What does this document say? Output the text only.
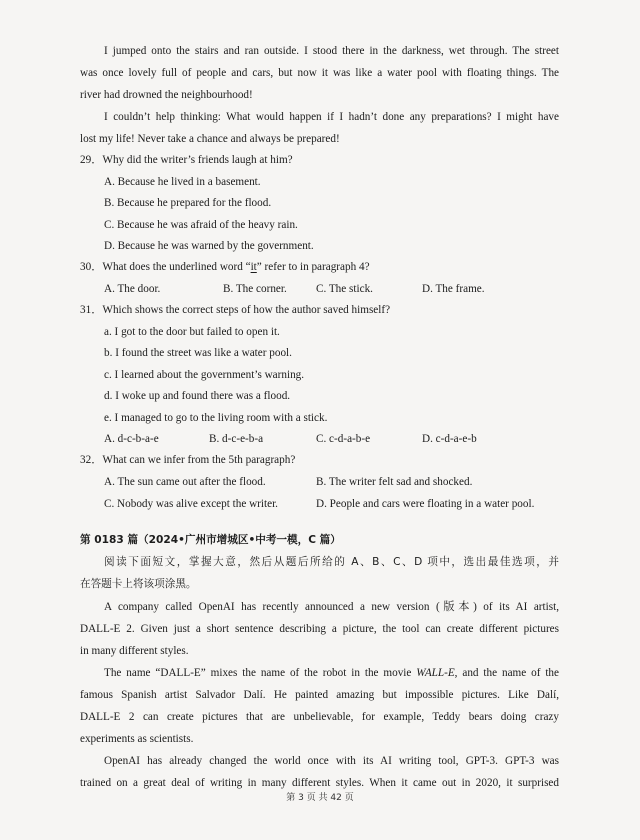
I jumped onto the stairs and ran outside. I stood there in the darkness, wet through. The street
was once lovely full of people and cars, but now it was like a water pool with floating things. The
river had drowned the neighbourhood!
I couldn’t help thinking: What would happen if I hadn’t done any preparations? I might have
lost my life! Never take a chance and always be prepared!
29．Why did the writer’s friends laugh at him?
A. Because he lived in a basement.
B. Because he prepared for the flood.
C. Because he was afraid of the heavy rain.
D. Because he was warned by the government.
30．What does the underlined word “it” refer to in paragraph 4?
A. The door.	B. The corner.	C. The stick.	D. The frame.
31．Which shows the correct steps of how the author saved himself?
a. I got to the door but failed to open it.
b. I found the street was like a water pool.
c. I learned about the government’s warning.
d. I woke up and found there was a flood.
e. I managed to go to the living room with a stick.
A. d-c-b-a-e	B. d-c-e-b-a	C. c-d-a-b-e	D. c-d-a-e-b
32．What can we infer from the 5th paragraph?
A. The sun came out after the flood.	B. The writer felt sad and shocked.
C. Nobody was alive except the writer.	D. People and cars were floating in a water pool.
第 0183 篇（2024•广州市增城区•中考一模，C 篇）
阅读下面短文，掌握大意，然后从题后所给的 A、B、C、D 项中，选出最佳选项，并
在答题卡上将该项涂黑。
A company called OpenAI has recently announced a new version (版本) of its AI artist,
DALL-E 2. Given just a short sentence describing a picture, the tool can create different pictures
in many different styles.
The name “DALL-E” mixes the name of the robot in the movie WALL-E, and the name of the
famous Spanish artist Salvador Dalí. He painted amazing but impossible pictures. Like Dalí,
DALL-E 2 can create pictures that are unbelievable, for example, Teddy bears doing crazy
experiments as scientists.
OpenAI has already changed the world once with its AI writing tool, GPT-3. GPT-3 was
trained on a great deal of writing in many different styles. When it came out in 2020, it surprised
第 3 页 共 42 页
